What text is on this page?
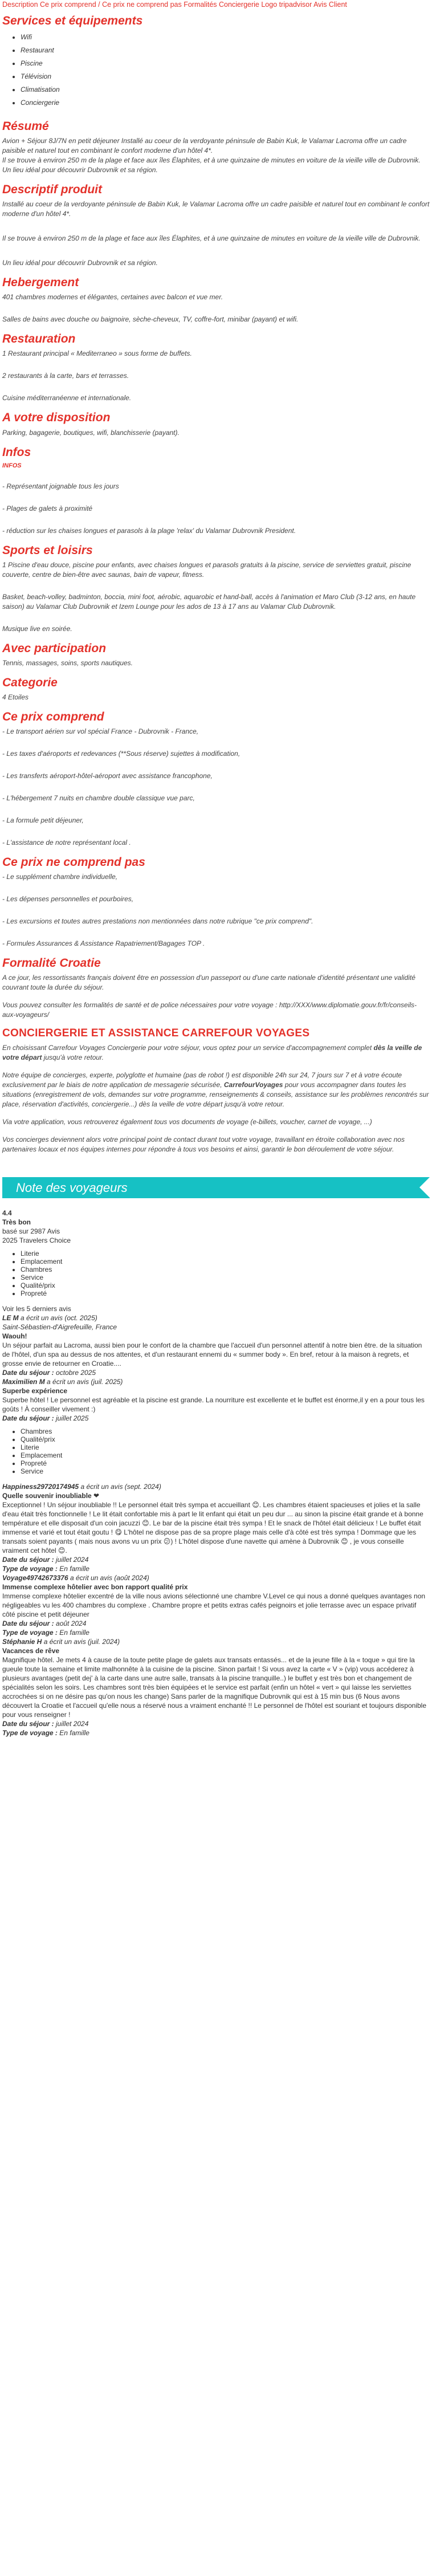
Description Ce prix comprend / Ce prix ne comprend pas Formalités Conciergerie Logo tripadvisor Avis Client
Services et équipements
• Wifi
• Restaurant
• Piscine
• Télévision
• Climatisation
• Conciergerie
Résumé

Avion + Séjour 8J/7N en petit déjeuner Installé au coeur de la verdoyante péninsule de Babin Kuk, le Valamar Lacroma offre un cadre paisible et naturel tout en combinant le confort moderne d'un hôtel 4*.

Il se trouve à environ 250 m de la plage et face aux îles Élaphites, et à une quinzaine de minutes en voiture de la vieille ville de Dubrovnik.

Un lieu idéal pour découvrir Dubrovnik et sa région.

Descriptif produit

Installé au coeur de la verdoyante péninsule de Babin Kuk, le Valamar Lacroma offre un cadre paisible et naturel tout en combinant le confort moderne d'un hôtel 4*.

Il se trouve à environ 250 m de la plage et face aux îles Élaphites, et à une quinzaine de minutes en voiture de la vieille ville de Dubrovnik.

Un lieu idéal pour découvrir Dubrovnik et sa région.

Hebergement

401 chambres modernes et élégantes, certaines avec balcon et vue mer.

Salles de bains avec douche ou baignoire, sèche-cheveux, TV, coffre-fort, minibar (payant) et wifi.

Restauration

1 Restaurant principal « Mediterraneo » sous forme de buffets.

2 restaurants à la carte, bars et terrasses.

Cuisine méditerranéenne et internationale.

A votre disposition

Parking, bagagerie, boutiques, wifi, blanchisserie (payant).

Infos
INFOS

- Représentant joignable tous les jours

- Plages de galets à proximité

- réduction sur les chaises longues et parasols à la plage 'relax' du Valamar Dubrovnik President.

Sports et loisirs

1 Piscine d'eau douce, piscine pour enfants, avec chaises longues et parasols gratuits à la piscine, service de serviettes gratuit, piscine couverte, centre de bien-être avec saunas, bain de vapeur, fitness.

Basket, beach-volley, badminton, boccia, mini foot, aérobic, aquarobic et hand-ball, accès à l'animation et Maro Club (3-12 ans, en haute saison) au Valamar Club Dubrovnik et Izem Lounge pour les ados de 13 à 17 ans au Valamar Club Dubrovnik.

Musique live en soirée.

Avec participation

Tennis, massages, soins, sports nautiques.

Categorie

4 Etoiles

Ce prix comprend

- Le transport aérien sur vol spécial France - Dubrovnik - France,

- Les taxes d'aéroports et redevances (**Sous réserve) sujettes à modification,

- Les transferts aéroport-hôtel-aéroport avec assistance francophone,

- L'hébergement 7 nuits en chambre double classique vue parc,

- La formule petit déjeuner,

- L'assistance de notre représentant local .

Ce prix ne comprend pas

- Le supplément chambre individuelle,

- Les dépenses personnelles et pourboires,

- Les excursions et toutes autres prestations non mentionnées dans notre rubrique "ce prix comprend".

- Formules Assurances & Assistance Rapatriement/Bagages TOP .

Formalité Croatie

A ce jour, les ressortissants français doivent être en possession d'un passeport ou d'une carte nationale d'identité présentant une validité couvrant toute la durée du séjour.

Vous pouvez consulter les formalités de santé et de police nécessaires pour votre voyage : http://XXX/www.diplomatie.gouv.fr/fr/conseils-aux-voyageurs/

CONCIERGERIE ET ASSISTANCE CARREFOUR VOYAGES

En choisissant Carrefour Voyages Conciergerie pour votre séjour, vous optez pour un service d'accompagnement complet dès la veille de votre départ jusqu'à votre retour.

Notre équipe de concierges, experte, polyglotte et humaine (pas de robot !) est disponible 24h sur 24, 7 jours sur 7 et à votre écoute exclusivement par le biais de notre application de messagerie sécurisée, CarrefourVoyages pour vous accompagner dans toutes les situations (enregistrement de vols, demandes sur votre programme, renseignements & conseils, assistance sur les problèmes rencontrés sur place, réservation d'activités, conciergerie...) dès la veille de votre départ jusqu'à votre retour.

Via votre application, vous retrouverez également tous vos documents de voyage (e-billets, voucher, carnet de voyage, ...)

Vos concierges deviennent alors votre principal point de contact durant tout votre voyage, travaillant en étroite collaboration avec nos partenaires locaux et nos équipes internes pour répondre à tous vos besoins et ainsi, garantir le bon déroulement de votre séjour.

Note des voyageurs

4.4

Très bon

basé sur 2987 Avis

2025 Travelers Choice

• Literie
• Emplacement
• Chambres
• Service
• Qualité/prix
• Propreté

Voir les 5 derniers avis

LE M a écrit un avis (oct. 2025)

Saint-Sébastien-d'Aigrefeuille, France

Waouh!

Un séjour parfait au Lacroma, aussi bien pour le confort de la chambre que l'accueil d'un personnel attentif à notre bien être. de la situation de l'hôtel, d'un spa au dessus de nos attentes, et d'un restaurant ennemi du « summer body ». En bref, retour à la maison à regrets, et grosse envie de retourner en Croatie....

Date du séjour : octobre 2025

Maximilien M a écrit un avis (juil. 2025)

Superbe expérience

Superbe hôtel ! Le personnel est agréable et la piscine est grande. La nourriture est excellente et le buffet est énorme,il y en a pour tous les goûts ! À conseiller vivement :)

Date du séjour : juillet 2025

• Chambres
• Qualité/prix
• Literie
• Emplacement
• Propreté
• Service

Happiness29720174945 a écrit un avis (sept. 2024)

Quelle souvenir inoubliable ❤

Exceptionnel ! Un séjour inoubliable !! Le personnel était très sympa et accueillant 😊. Les chambres étaient spacieuses et jolies et la salle d'eau était très fonctionnelle ! Le lit était confortable mis à part le lit enfant qui était un peu dur ... au sinon la piscine était grande et à bonne température et elle disposait d'un coin jacuzzi 😊. Le bar de la piscine était très sympa ! Et le snack de l'hôtel était délicieux ! Le buffet était immense et varié et tout était goutu ! 😋 L'hôtel ne dispose pas de sa propre plage mais celle d'à côté est très sympa ! Dommage que les transats soient payants ( mais nous avons vu un prix 😕) ! L'hôtel dispose d'une navette qui amène à Dubrovnik 😊 , je vous conseille vraiment cet hôtel 😊.

Date du séjour : juillet 2024

Type de voyage : En famille

Voyage49742673376 a écrit un avis (août 2024)

Immense complexe hôtelier avec bon rapport qualité prix

Immense complexe hôtelier excentré de la ville nous avions sélectionné une chambre V.Level ce qui nous a donné quelques avantages non négligeables vu les 400 chambres du complexe . Chambre propre et petits extras cafés peignoirs et jolie terrasse avec un espace privatif côté piscine et petit déjeuner

Date du séjour : août 2024

Type de voyage : En famille

Stéphanie H a écrit un avis (juil. 2024)

Vacances de rêve

Magnifique hôtel. Je mets 4 à cause de la toute petite plage de galets aux transats entassés... et de la jeune fille à la « toque » qui tire la gueule toute la semaine et limite malhonnête à la cuisine de la piscine. Sinon parfait ! Si vous avez la carte « V » (vip) vous accéderez à plusieurs avantages (petit dej' à la carte dans une autre salle, transats à la piscine tranquille..) le buffet y est très bon et changement de spécialités selon les soirs. Les chambres sont très bien équipées et le service est parfait (enfin un hôtel « vert » qui laisse les serviettes accrochées si on ne désire pas qu'on nous les change) Sans parler de la magnifique Dubrovnik qui est à 15 min bus (6 Nous avons découvert la Croatie et l'accueil qu'elle nous a réservé nous a vraiment enchanté !! Le personnel de l'hôtel est souriant et toujours disponible pour vous renseigner !

Date du séjour : juillet 2024

Type de voyage : En famille
